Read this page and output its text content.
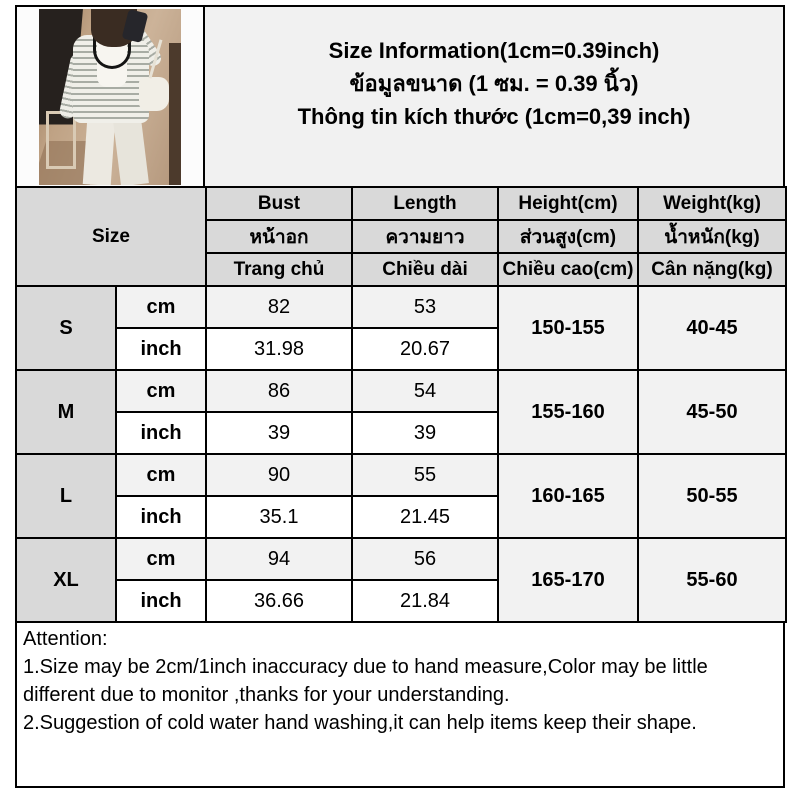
Size Information(1cm=0.39inch)
ข้อมูลขนาด (1 ซม. = 0.39 นิ้ว)
Thông tin kích thước (1cm=0,39 inch)
Size		Bust	Length	Height(cm)	Weight(kg)
		หน้าอก	ความยาว	ส่วนสูง(cm)	น้ำหนัก(kg)
		Trang chủ	Chiều dài	Chiều cao(cm)	Cân nặng(kg)
S	cm	82	53	150-155	40-45
	inch	31.98	20.67		
M	cm	86	54	155-160	45-50
	inch	39	39		
L	cm	90	55	160-165	50-55
	inch	35.1	21.45		
XL	cm	94	56	165-170	55-60
	inch	36.66	21.84		
Attention:
1.Size may be 2cm/1inch inaccuracy due to hand measure,Color may be little different due to monitor ,thanks for your understanding.
2.Suggestion of cold water hand washing,it can help items keep their shape.
